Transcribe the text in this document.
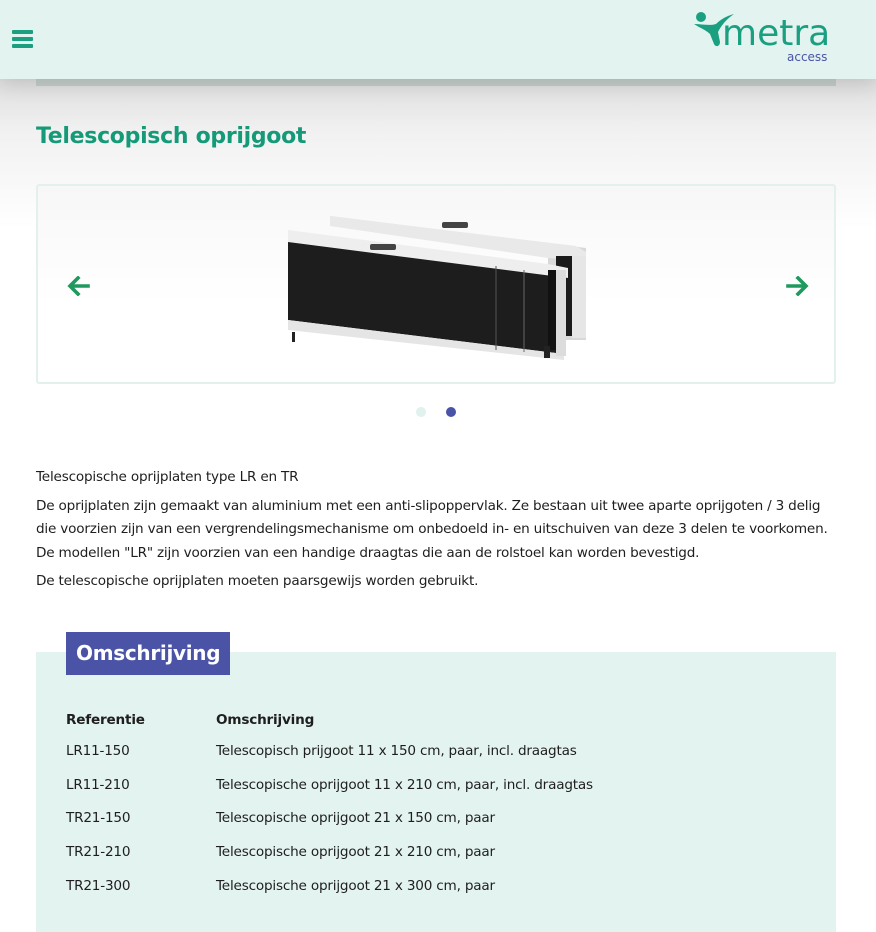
metra
access
Telescopisch oprijgoot

Telescopische oprijplaten type LR en TR

De oprijplaten zijn gemaakt van aluminium met een anti-slipoppervlak. Ze bestaan uit twee aparte oprijgoten / 3 delig die voorzien zijn van een vergrendelingsmechanisme om onbedoeld in- en uitschuiven van deze 3 delen te voorkomen. De modellen "LR" zijn voorzien van een handige draagtas die aan de rolstoel kan worden bevestigd.

De telescopische oprijplaten moeten paarsgewijs worden gebruikt.

Omschrijving
Referentie	Omschrijving
LR11-150	Telescopisch prijgoot 11 x 150 cm, paar, incl. draagtas
LR11-210	Telescopische oprijgoot 11 x 210 cm, paar, incl. draagtas
TR21-150	Telescopische oprijgoot 21 x 150 cm, paar
TR21-210	Telescopische oprijgoot 21 x 210 cm, paar
TR21-300	Telescopische oprijgoot 21 x 300 cm, paar
